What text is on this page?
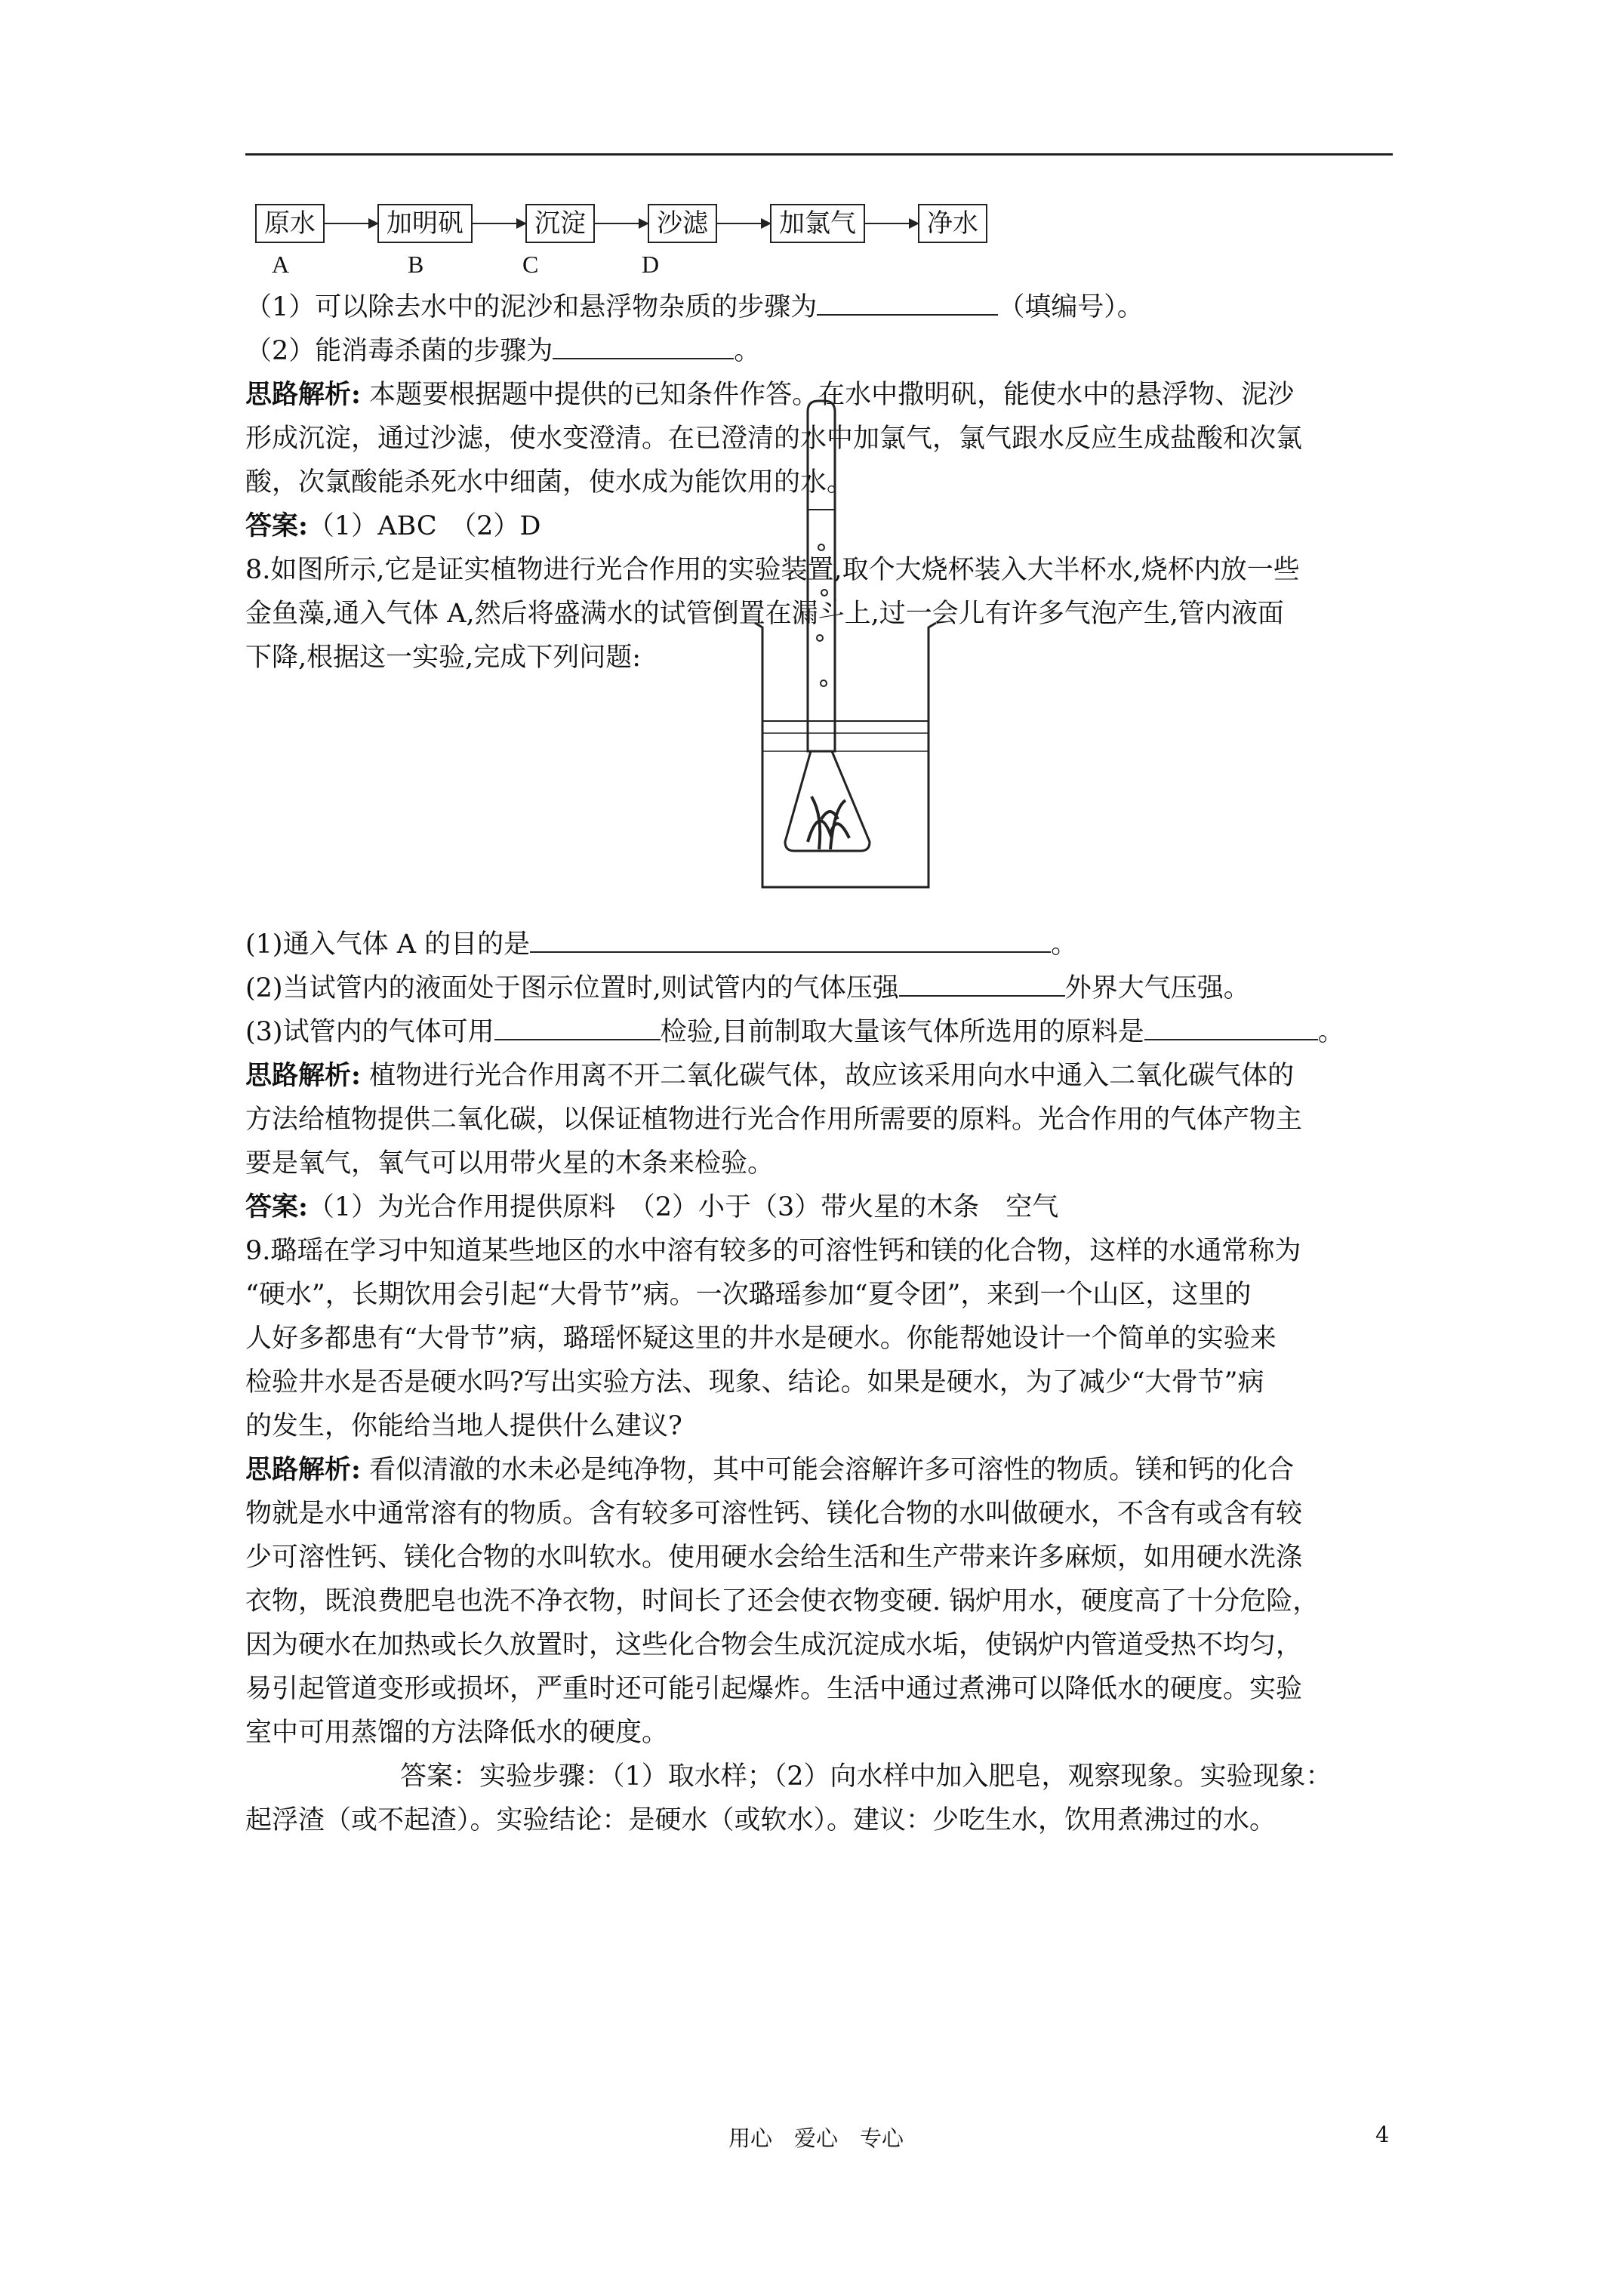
原水	加明矾	沉淀	沙滤	加氯气	净水
A	B	C	D
（1）可以除去水中的泥沙和悬浮物杂质的步骤为	（填编号）。
（2）能消毒杀菌的步骤为	。
思路解析: 本题要根据题中提供的已知条件作答。在水中撒明矾，能使水中的悬浮物、泥沙
形成沉淀，通过沙滤，使水变澄清。在已澄清的水中加氯气，氯气跟水反应生成盐酸和次氯
酸，次氯酸能杀死水中细菌，使水成为能饮用的水。
答案:（1）ABC　（2）D
8.如图所示,它是证实植物进行光合作用的实验装置,取个大烧杯装入大半杯水,烧杯内放一些
金鱼藻,通入气体 A,然后将盛满水的试管倒置在漏斗上,过一会儿有许多气泡产生,管内液面
下降,根据这一实验,完成下列问题:
(1)通入气体 A 的目的是	。
(2)当试管内的液面处于图示位置时,则试管内的气体压强	外界大气压强。
(3)试管内的气体可用	检验,目前制取大量该气体所选用的原料是	。
思路解析: 植物进行光合作用离不开二氧化碳气体，故应该采用向水中通入二氧化碳气体的
方法给植物提供二氧化碳，以保证植物进行光合作用所需要的原料。光合作用的气体产物主
要是氧气，氧气可以用带火星的木条来检验。
答案:（1）为光合作用提供原料　（2）小于（3）带火星的木条　空气
9.璐瑶在学习中知道某些地区的水中溶有较多的可溶性钙和镁的化合物，这样的水通常称为
“硬水”，长期饮用会引起“大骨节”病。一次璐瑶参加“夏令团”，来到一个山区，这里的
人好多都患有“大骨节”病，璐瑶怀疑这里的井水是硬水。你能帮她设计一个简单的实验来
检验井水是否是硬水吗?写出实验方法、现象、结论。如果是硬水，为了减少“大骨节”病
的发生，你能给当地人提供什么建议?
思路解析: 看似清澈的水未必是纯净物，其中可能会溶解许多可溶性的物质。镁和钙的化合
物就是水中通常溶有的物质。含有较多可溶性钙、镁化合物的水叫做硬水，不含有或含有较
少可溶性钙、镁化合物的水叫软水。使用硬水会给生活和生产带来许多麻烦，如用硬水洗涤
衣物，既浪费肥皂也洗不净衣物，时间长了还会使衣物变硬. 锅炉用水，硬度高了十分危险，
因为硬水在加热或长久放置时，这些化合物会生成沉淀成水垢，使锅炉内管道受热不均匀，
易引起管道变形或损坏，严重时还可能引起爆炸。生活中通过煮沸可以降低水的硬度。实验
室中可用蒸馏的方法降低水的硬度。
答案：实验步骤：（1）取水样；（2）向水样中加入肥皂，观察现象。实验现象：
起浮渣（或不起渣）。实验结论：是硬水（或软水）。建议：少吃生水，饮用煮沸过的水。
用心　爱心　专心	4
